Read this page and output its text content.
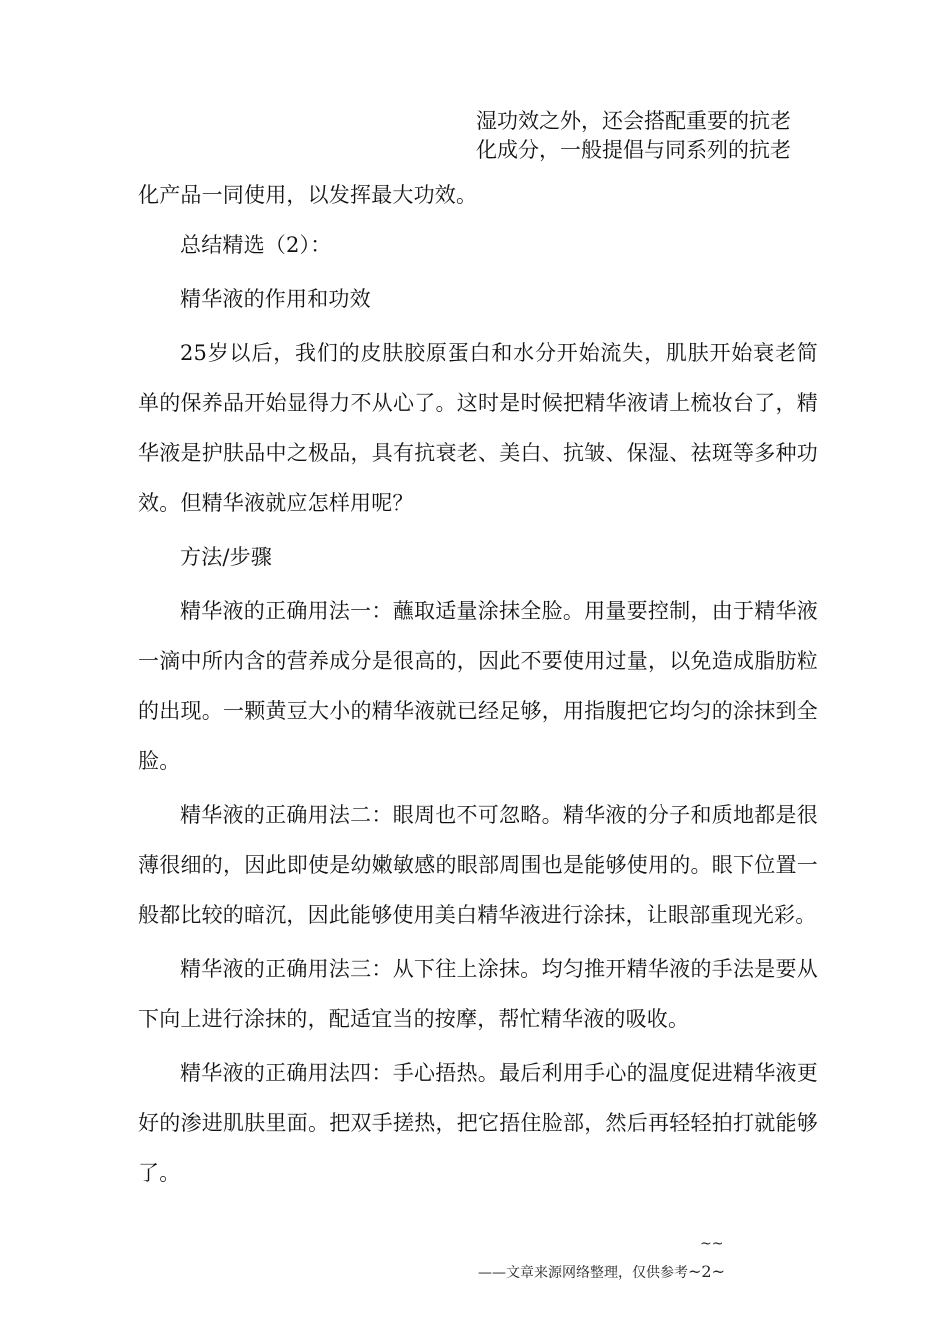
湿功效之外，还会搭配重要的抗老
化成分，一般提倡与同系列的抗老

化产品一同使用，以发挥最大功效。

总结精选（2）：

精华液的作用和功效

25岁以后，我们的皮肤胶原蛋白和水分开始流失，肌肤开始衰老简单的保养品开始显得力不从心了。这时是时候把精华液请上梳妆台了，精华液是护肤品中之极品，具有抗衰老、美白、抗皱、保湿、祛斑等多种功效。但精华液就应怎样用呢？

方法/步骤

精华液的正确用法一：蘸取适量涂抹全脸。用量要控制，由于精华液一滴中所内含的营养成分是很高的，因此不要使用过量，以免造成脂肪粒的出现。一颗黄豆大小的精华液就已经足够，用指腹把它均匀的涂抹到全脸。

精华液的正确用法二：眼周也不可忽略。精华液的分子和质地都是很薄很细的，因此即使是幼嫩敏感的眼部周围也是能够使用的。眼下位置一般都比较的暗沉，因此能够使用美白精华液进行涂抹，让眼部重现光彩。

精华液的正确用法三：从下往上涂抹。均匀推开精华液的手法是要从下向上进行涂抹的，配适宜当的按摩，帮忙精华液的吸收。

精华液的正确用法四：手心捂热。最后利用手心的温度促进精华液更好的渗进肌肤里面。把双手搓热，把它捂住脸部，然后再轻轻拍打就能够了。

~~
——文章来源网络整理，仅供参考~2~
